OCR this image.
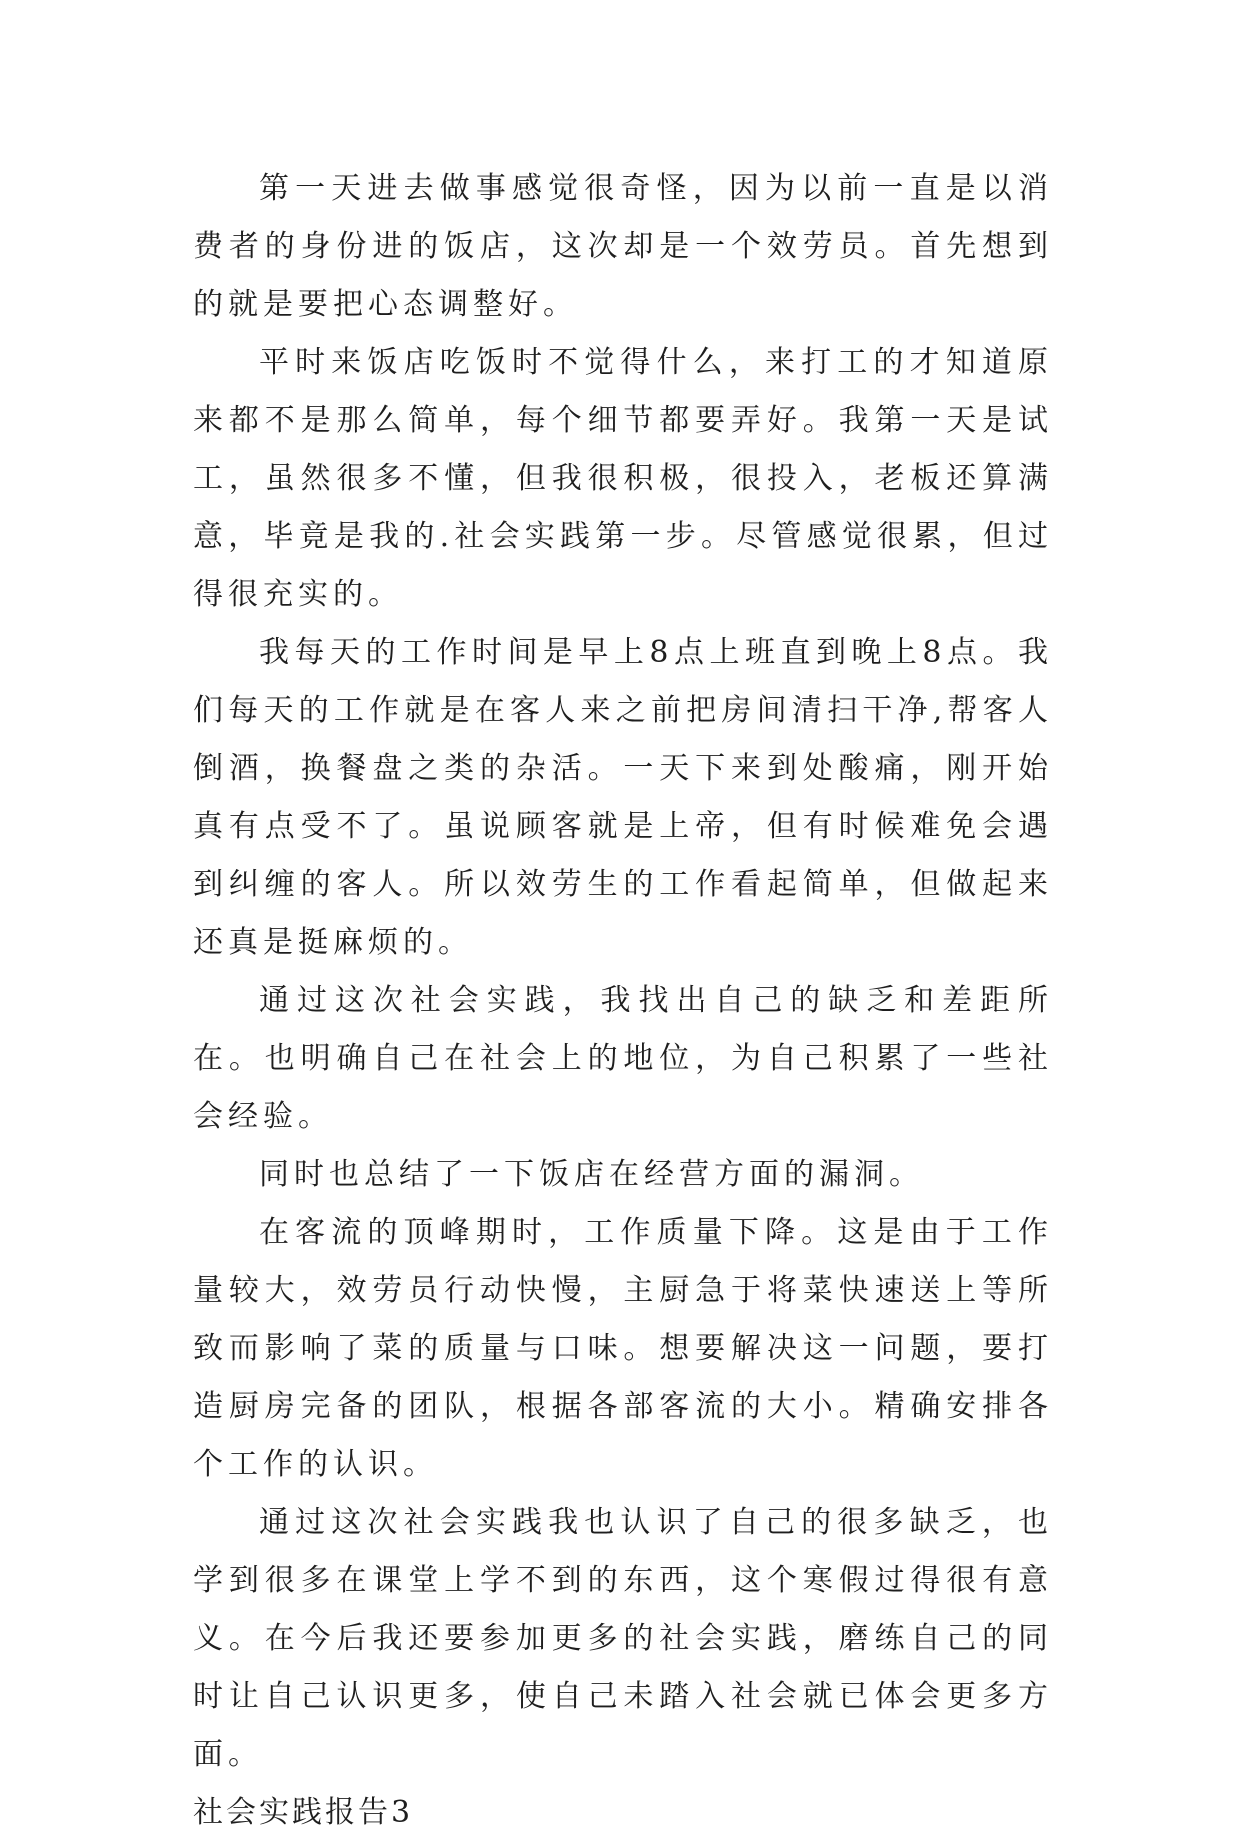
第一天进去做事感觉很奇怪，因为以前一直是以消费者的身份进的饭店，这次却是一个效劳员。首先想到的就是要把心态调整好。

平时来饭店吃饭时不觉得什么，来打工的才知道原来都不是那么简单，每个细节都要弄好。我第一天是试工，虽然很多不懂，但我很积极，很投入，老板还算满意，毕竟是我的.社会实践第一步。尽管感觉很累，但过得很充实的。

我每天的工作时间是早上8点上班直到晚上8点。我们每天的工作就是在客人来之前把房间清扫干净,帮客人倒酒，换餐盘之类的杂活。一天下来到处酸痛，刚开始真有点受不了。虽说顾客就是上帝，但有时候难免会遇到纠缠的客人。所以效劳生的工作看起简单，但做起来还真是挺麻烦的。

通过这次社会实践，我找出自己的缺乏和差距所在。也明确自己在社会上的地位，为自己积累了一些社会经验。

同时也总结了一下饭店在经营方面的漏洞。

在客流的顶峰期时，工作质量下降。这是由于工作量较大，效劳员行动快慢，主厨急于将菜快速送上等所致而影响了菜的质量与口味。想要解决这一问题，要打造厨房完备的团队，根据各部客流的大小。精确安排各个工作的认识。

通过这次社会实践我也认识了自己的很多缺乏，也学到很多在课堂上学不到的东西，这个寒假过得很有意义。在今后我还要参加更多的社会实践，磨练自己的同时让自己认识更多，使自己未踏入社会就已体会更多方面。

社会实践报告3
